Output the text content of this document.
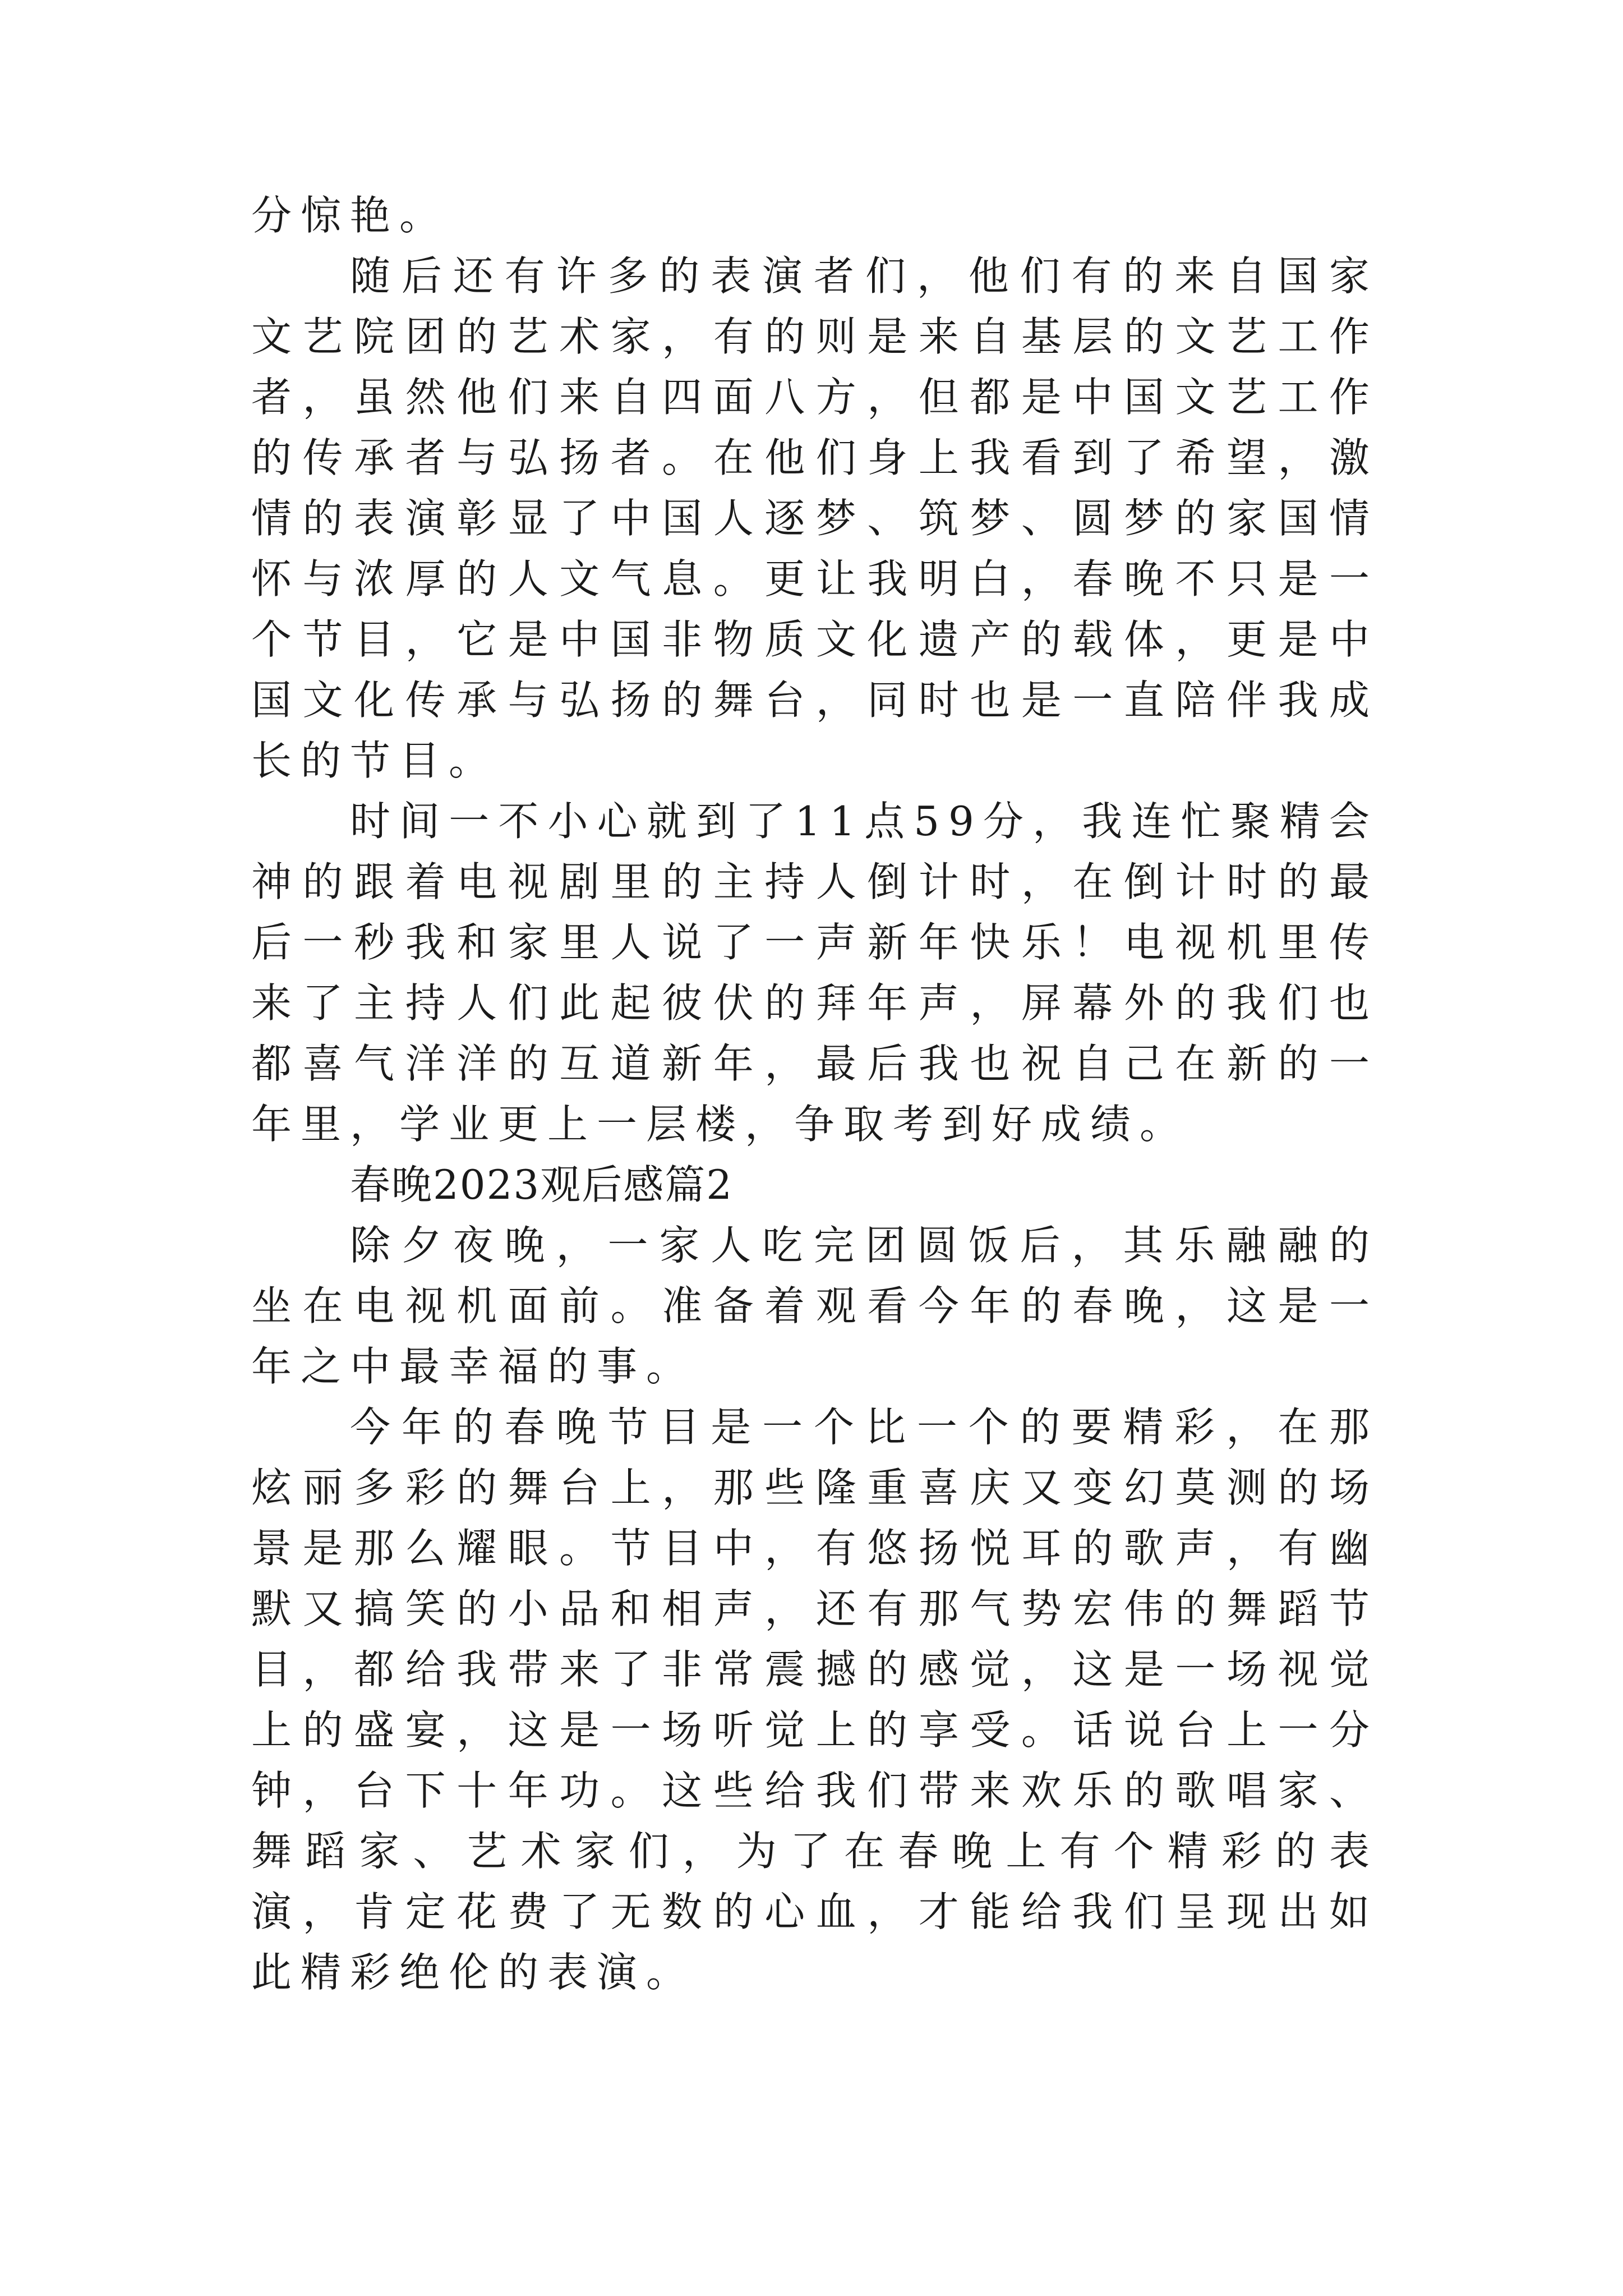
分惊艳。

随后还有许多的表演者们，他们有的来自国家文艺院团的艺术家，有的则是来自基层的文艺工作者，虽然他们来自四面八方，但都是中国文艺工作的传承者与弘扬者。在他们身上我看到了希望，激情的表演彰显了中国人逐梦、筑梦、圆梦的家国情怀与浓厚的人文气息。更让我明白，春晚不只是一个节目，它是中国非物质文化遗产的载体，更是中国文化传承与弘扬的舞台，同时也是一直陪伴我成长的节目。

时间一不小心就到了11点59分，我连忙聚精会神的跟着电视剧里的主持人倒计时，在倒计时的最后一秒我和家里人说了一声新年快乐！电视机里传来了主持人们此起彼伏的拜年声，屏幕外的我们也都喜气洋洋的互道新年，最后我也祝自己在新的一年里，学业更上一层楼，争取考到好成绩。

春晚2023观后感篇2

除夕夜晚，一家人吃完团圆饭后，其乐融融的坐在电视机面前。准备着观看今年的春晚，这是一年之中最幸福的事。

今年的春晚节目是一个比一个的要精彩，在那炫丽多彩的舞台上，那些隆重喜庆又变幻莫测的场景是那么耀眼。节目中，有悠扬悦耳的歌声，有幽默又搞笑的小品和相声，还有那气势宏伟的舞蹈节目，都给我带来了非常震撼的感觉，这是一场视觉上的盛宴，这是一场听觉上的享受。话说台上一分钟，台下十年功。这些给我们带来欢乐的歌唱家、舞蹈家、艺术家们，为了在春晚上有个精彩的表演，肯定花费了无数的心血，才能给我们呈现出如此精彩绝伦的表演。
